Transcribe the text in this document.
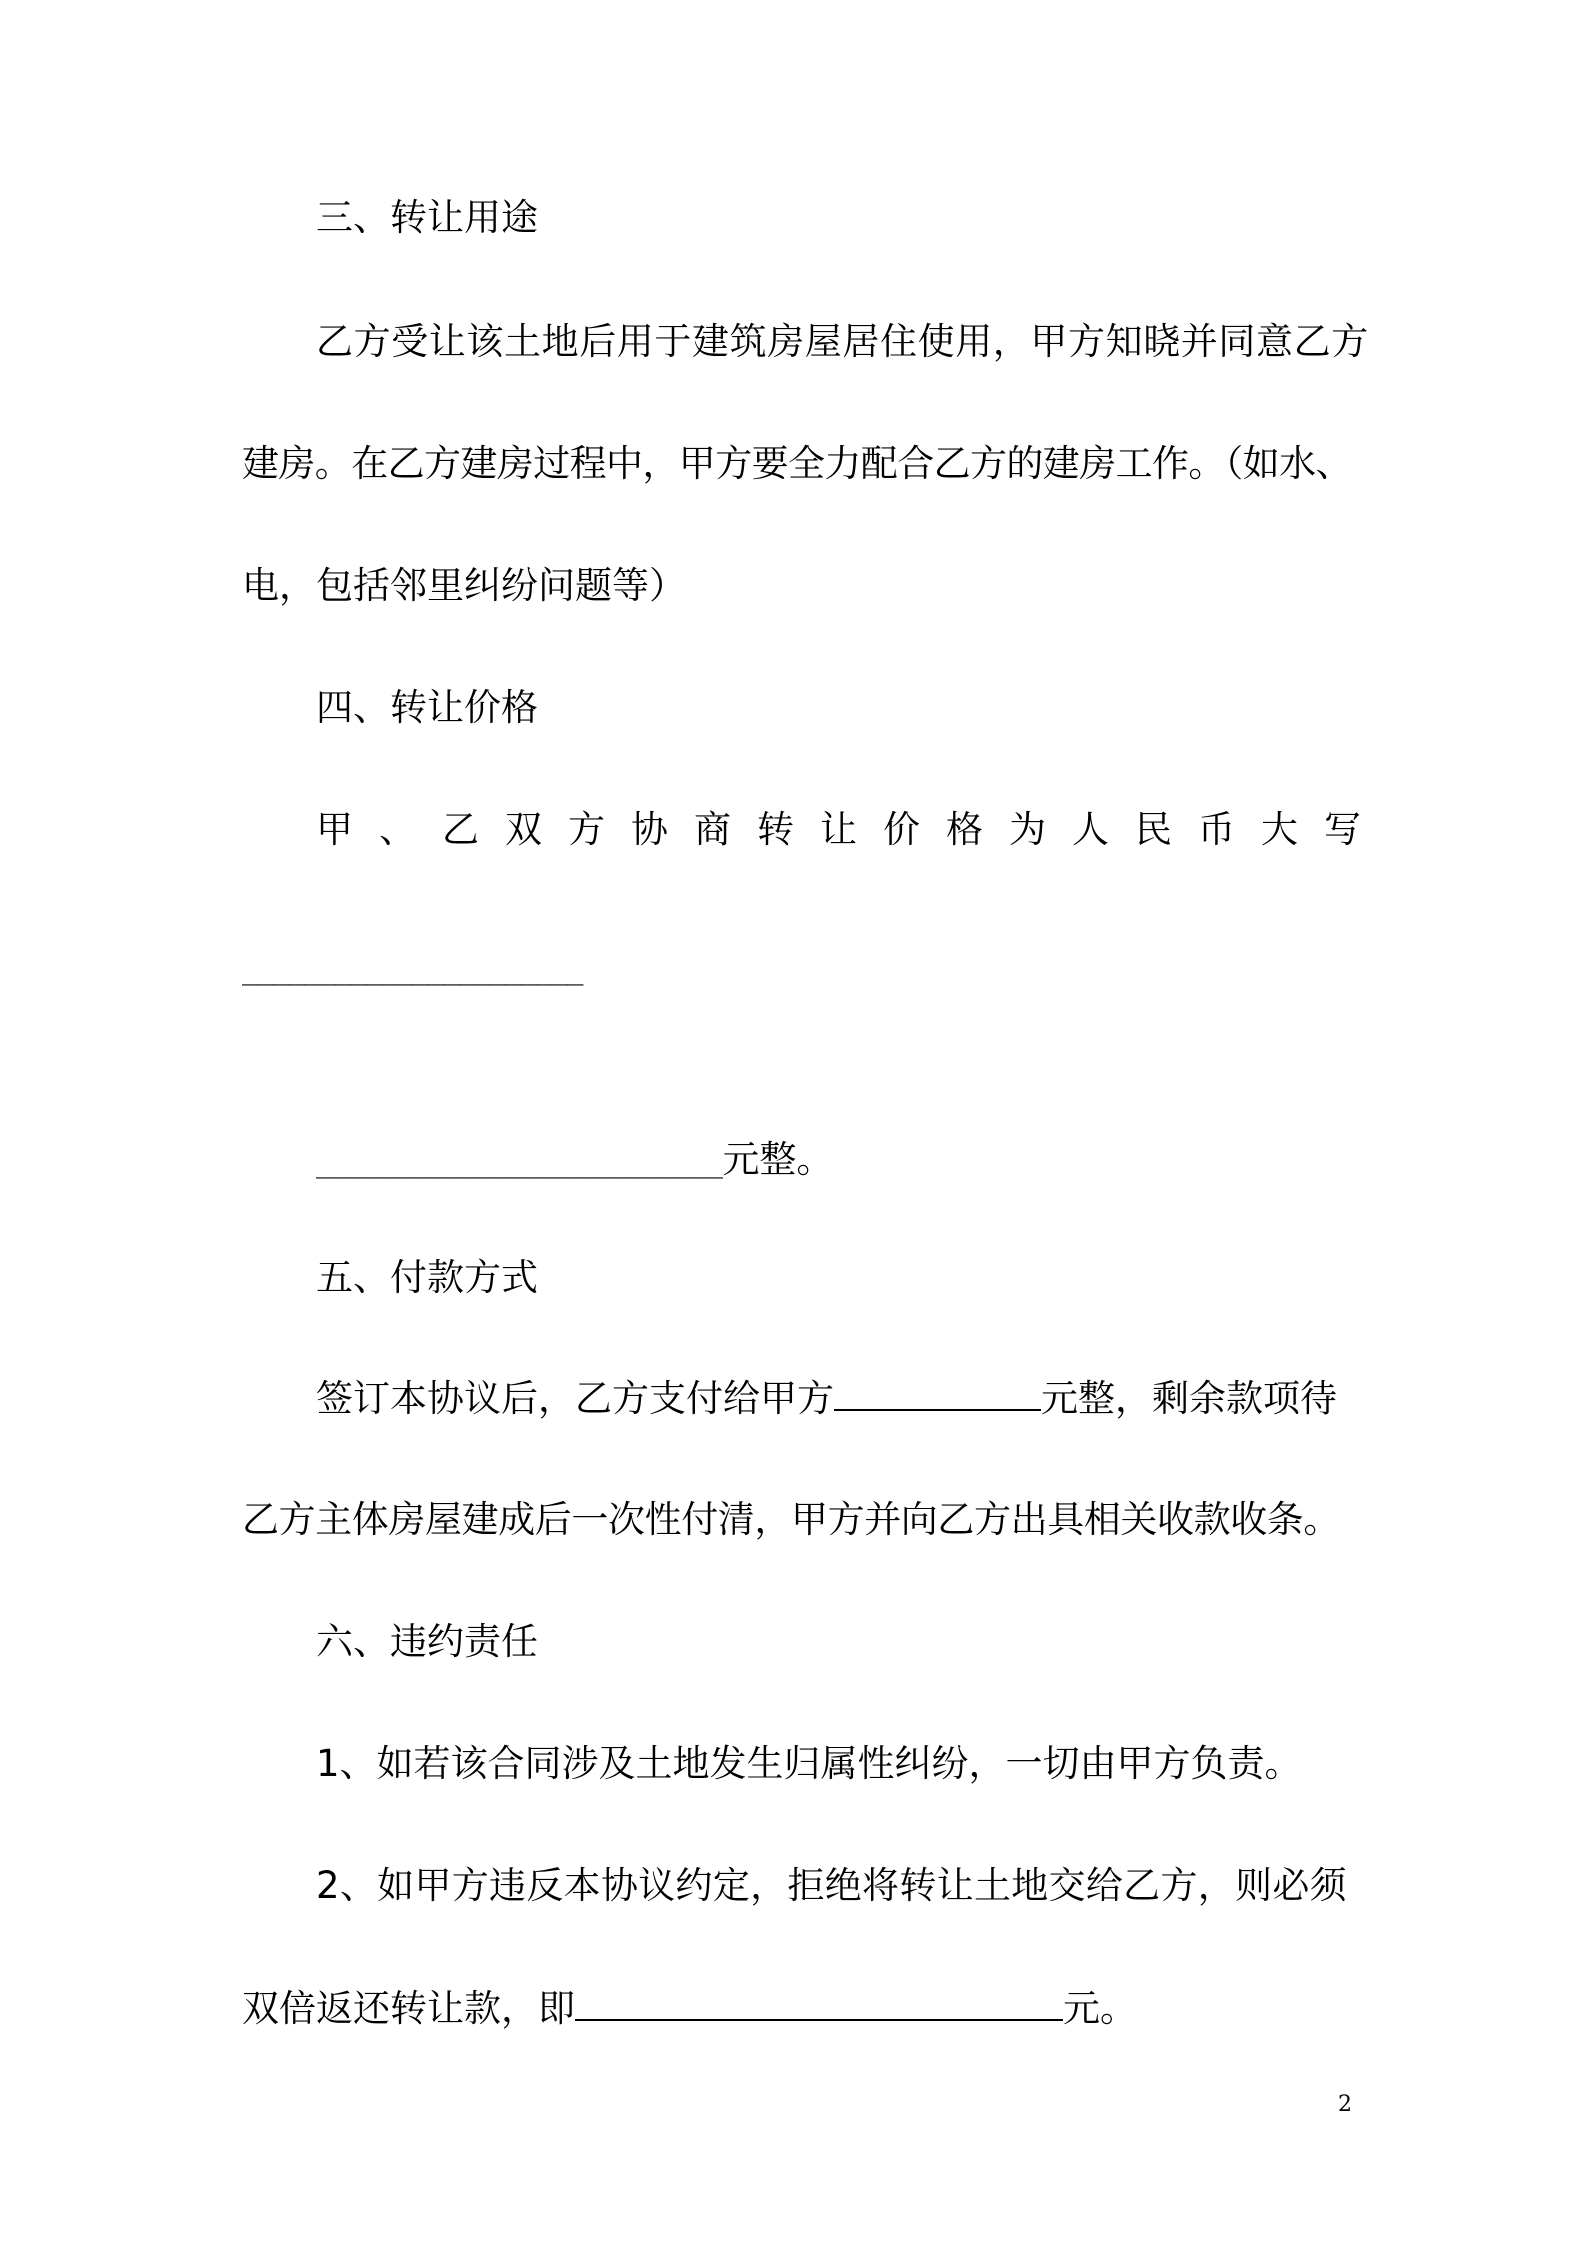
三、转让用途

乙方受让该土地后用于建筑房屋居住使用，甲方知晓并同意乙方

建房。在乙方建房过程中，甲方要全力配合乙方的建房工作。（如水、

电，包括邻里纠纷问题等）

四、转让价格

甲、乙双方协商转让价格为人民币大写

______________________

_________________________元整。

五、付款方式

签订本协议后，乙方支付给甲方	元整，剩余款项待

乙方主体房屋建成后一次性付清，甲方并向乙方出具相关收款收条。

六、违约责任

1、如若该合同涉及土地发生归属性纠纷，一切由甲方负责。

2、如甲方违反本协议约定，拒绝将转让土地交给乙方，则必须

双倍返还转让款，即	元。

2
